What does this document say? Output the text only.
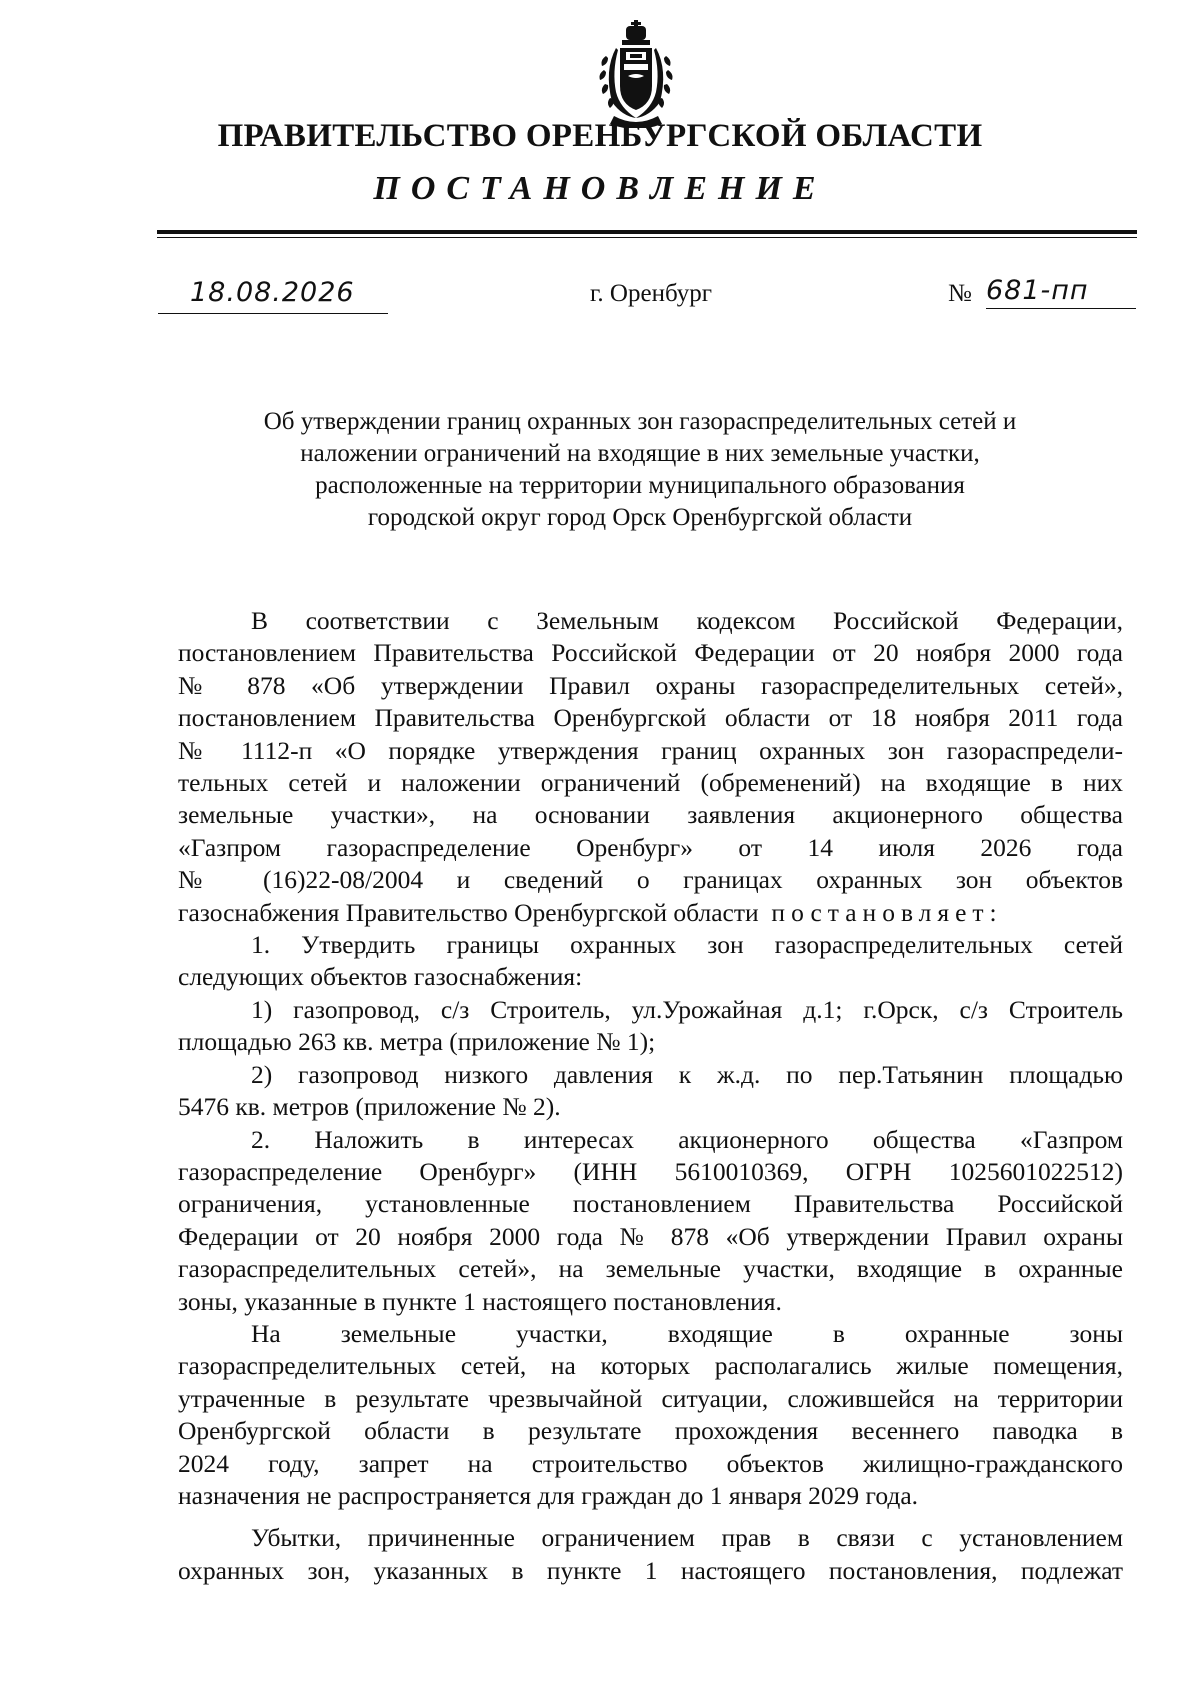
ПРАВИТЕЛЬСТВО ОРЕНБУРГСКОЙ ОБЛАСТИ
ПОСТАНОВЛЕНИЕ
18.08.2026	г. Оренбург	№ 681-пп
Об утверждении границ охранных зон газораспределительных сетей и
наложении ограничений на входящие в них земельные участки,
расположенные на территории муниципального образования
городской округ город Орск Оренбургской области
В соответствии с Земельным кодексом Российской Федерации,
постановлением Правительства Российской Федерации от 20 ноября 2000 года
№ 878 «Об утверждении Правил охраны газораспределительных сетей»,
постановлением Правительства Оренбургской области от 18 ноября 2011 года
№ 1112-п «О порядке утверждения границ охранных зон газораспредели-
тельных сетей и наложении ограничений (обременений) на входящие в них
земельные участки», на основании заявления акционерного общества
«Газпром газораспределение Оренбург» от 14 июля 2026 года
№ (16)22-08/2004 и сведений о границах охранных зон объектов
газоснабжения Правительство Оренбургской области постановляет:
1. Утвердить границы охранных зон газораспределительных сетей
следующих объектов газоснабжения:
1) газопровод, с/з Строитель, ул.Урожайная д.1; г.Орск, с/з Строитель
площадью 263 кв. метра (приложение № 1);
2) газопровод низкого давления к ж.д. по пер.Татьянин площадью
5476 кв. метров (приложение № 2).
2. Наложить в интересах акционерного общества «Газпром
газораспределение Оренбург» (ИНН 5610010369, ОГРН 1025601022512)
ограничения, установленные постановлением Правительства Российской
Федерации от 20 ноября 2000 года № 878 «Об утверждении Правил охраны
газораспределительных сетей», на земельные участки, входящие в охранные
зоны, указанные в пункте 1 настоящего постановления.
На земельные участки, входящие в охранные зоны
газораспределительных сетей, на которых располагались жилые помещения,
утраченные в результате чрезвычайной ситуации, сложившейся на территории
Оренбургской области в результате прохождения весеннего паводка в
2024 году, запрет на строительство объектов жилищно-гражданского
назначения не распространяется для граждан до 1 января 2029 года.
Убытки, причиненные ограничением прав в связи с установлением
охранных зон, указанных в пункте 1 настоящего постановления, подлежат
